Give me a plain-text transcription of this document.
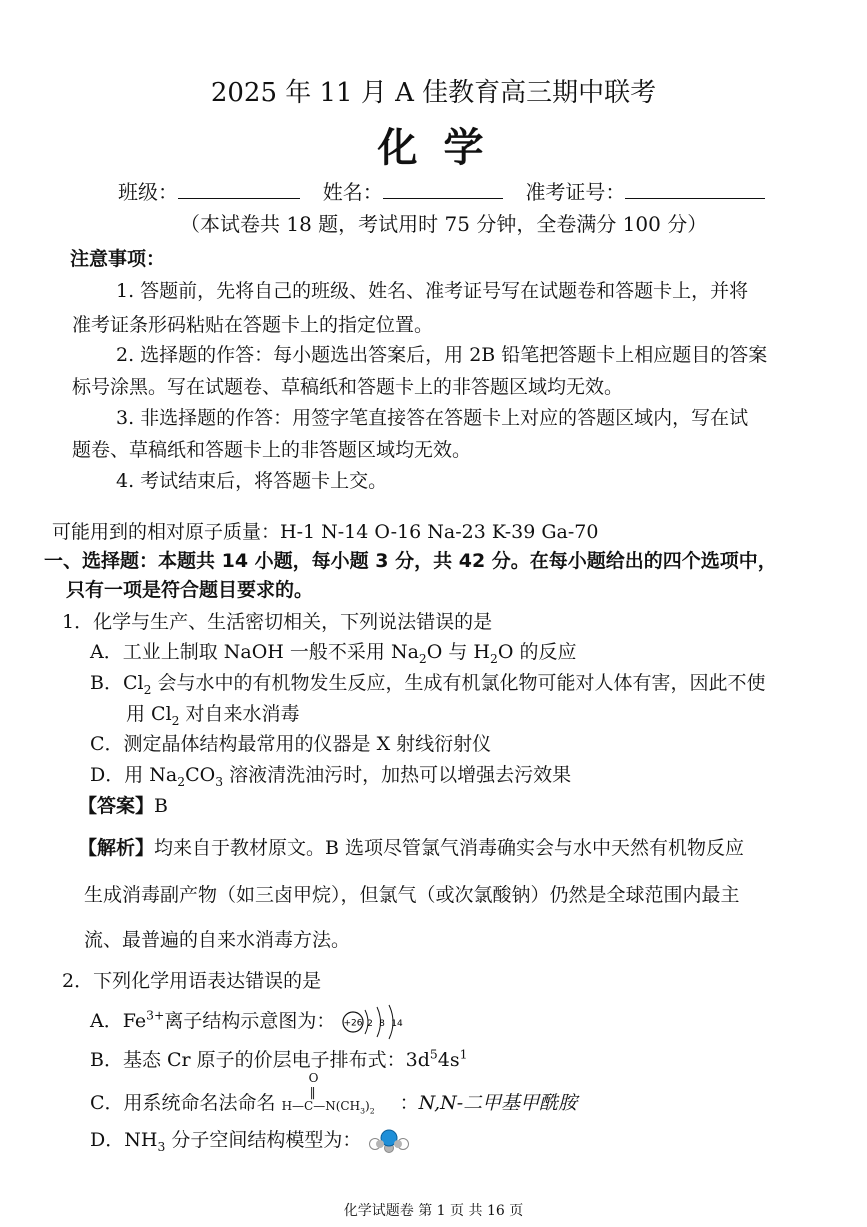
2025 年 11 月 A 佳教育高三期中联考
化 学
班级：	姓名：	准考证号：
（本试卷共 18 题，考试用时 75 分钟，全卷满分 100 分）
注意事项：
1. 答题前，先将自己的班级、姓名、准考证号写在试题卷和答题卡上，并将
准考证条形码粘贴在答题卡上的指定位置。
2. 选择题的作答：每小题选出答案后，用 2B 铅笔把答题卡上相应题目的答案
标号涂黑。写在试题卷、草稿纸和答题卡上的非答题区域均无效。
3. 非选择题的作答：用签字笔直接答在答题卡上对应的答题区域内，写在试
题卷、草稿纸和答题卡上的非答题区域均无效。
4. 考试结束后，将答题卡上交。
可能用到的相对原子质量：H-1 N-14 O-16 Na-23 K-39 Ga-70
一、选择题：本题共 14 小题，每小题 3 分，共 42 分。在每小题给出的四个选项中，
只有一项是符合题目要求的。
1．化学与生产、生活密切相关，下列说法错误的是
A．工业上制取 NaOH 一般不采用 $Na_2O$ 与 $H_2O$ 的反应
B．$Cl_2$ 会与水中的有机物发生反应，生成有机氯化物可能对人体有害，因此不使
用 $Cl_2$ 对自来水消毒
C．测定晶体结构最常用的仪器是 X 射线衍射仪
D．用 $Na_2CO_3$ 溶液清洗油污时，加热可以增强去污效果
【答案】B
【解析】均来自于教材原文。B 选项尽管氯气消毒确实会与水中天然有机物反应
生成消毒副产物（如三卤甲烷），但氯气（或次氯酸钠）仍然是全球范围内最主
流、最普遍的自来水消毒方法。
2．下列化学用语表达错误的是
A．$Fe^{3+}$离子结构示意图为： +26 2 8 14
B．基态 Cr 原子的价层电子排布式：$3d^54s^1$
C．用系统命名法命名
O
‖
$H—C—N(CH_3)_2$ ：N,N-二甲基甲酰胺
D．$NH_3$ 分子空间结构模型为：
化学试题卷 第 1 页 共 16 页
